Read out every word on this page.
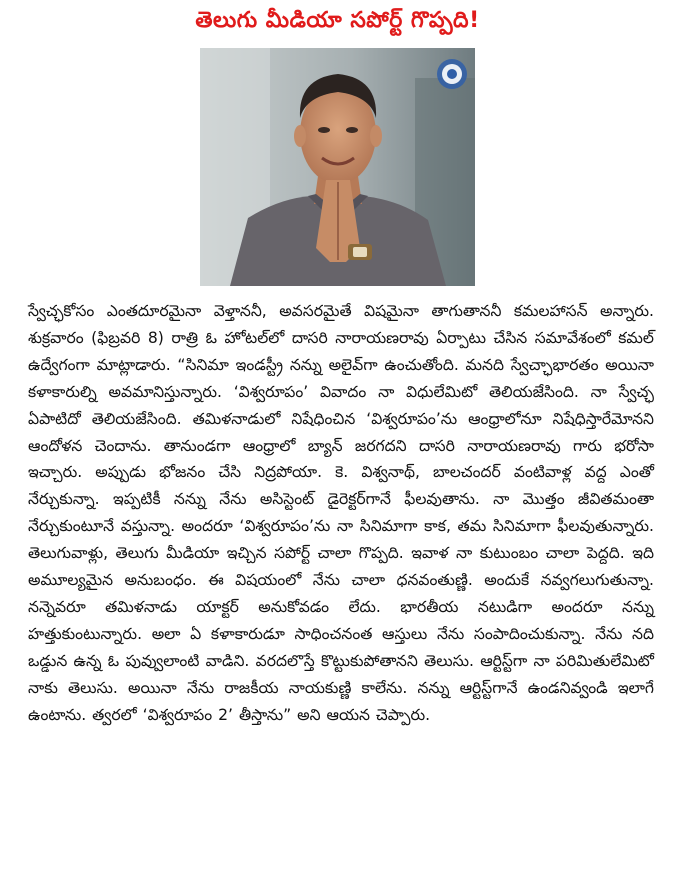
తెలుగు మీడియా సపోర్ట్ గొప్పది!

స్వేచ్ఛకోసం ఎంతదూరమైనా వెళ్తాననీ, అవసరమైతే విషమైనా తాగుతాననీ కమలహాసన్ అన్నారు. శుక్రవారం (ఫిబ్రవరి 8) రాత్రి ఓ హోటల్‌లో దాసరి నారాయణరావు ఏర్పాటు చేసిన సమావేశంలో కమల్ ఉద్వేగంగా మాట్లాడారు. “సినిమా ఇండస్ట్రీ నన్ను అలైవ్‌గా ఉంచుతోంది. మనది స్వేచ్ఛాభారతం అయినా కళాకారుల్ని అవమానిస్తున్నారు. ‘విశ్వరూపం’ వివాదం నా విధులేమిటో తెలియజేసింది. నా స్వేచ్ఛ ఏపాటిదో తెలియజేసింది. తమిళనాడులో నిషేధించిన ‘విశ్వరూపం’ను ఆంధ్రాలోనూ నిషేధిస్తారేమోనని ఆందోళన చెందాను. తానుండగా ఆంధ్రాలో బ్యాన్ జరగదని దాసరి నారాయణరావు గారు భరోసా ఇచ్చారు. అప్పుడు భోజనం చేసి నిద్రపోయా. కె. విశ్వనాథ్, బాలచందర్ వంటివాళ్ల వద్ద ఎంతో నేర్చుకున్నా. ఇప్పటికీ నన్ను నేను అసిస్టెంట్ డైరెక్టర్‌గానే ఫీలవుతాను. నా మొత్తం జీవితమంతా నేర్చుకుంటూనే వస్తున్నా. అందరూ ‘విశ్వరూపం’ను నా సినిమాగా కాక, తమ సినిమాగా ఫీలవుతున్నారు. తెలుగువాళ్లు, తెలుగు మీడియా ఇచ్చిన సపోర్ట్ చాలా గొప్పది. ఇవాళ నా కుటుంబం చాలా పెద్దది. ఇది అమూల్యమైన అనుబంధం. ఈ విషయంలో నేను చాలా ధనవంతుణ్ణి. అందుకే నవ్వగలుగుతున్నా. నన్నెవరూ తమిళనాడు యాక్టర్ అనుకోవడం లేదు. భారతీయ నటుడిగా అందరూ నన్ను హత్తుకుంటున్నారు. అలా ఏ కళాకారుడూ సాధించనంత ఆస్తులు నేను సంపాదించుకున్నా. నేను నది ఒడ్డున ఉన్న ఓ పువ్వులాంటి వాడిని. వరదలొస్తే కొట్టుకుపోతానని తెలుసు. ఆర్టిస్ట్‌గా నా పరిమితులేమిటో నాకు తెలుసు. అయినా నేను రాజకీయ నాయకుణ్ణి కాలేను. నన్ను ఆర్టిస్ట్‌గానే ఉండనివ్వండి ఇలాగే ఉంటాను. త్వరలో ‘విశ్వరూపం 2’ తీస్తాను” అని ఆయన చెప్పారు.
